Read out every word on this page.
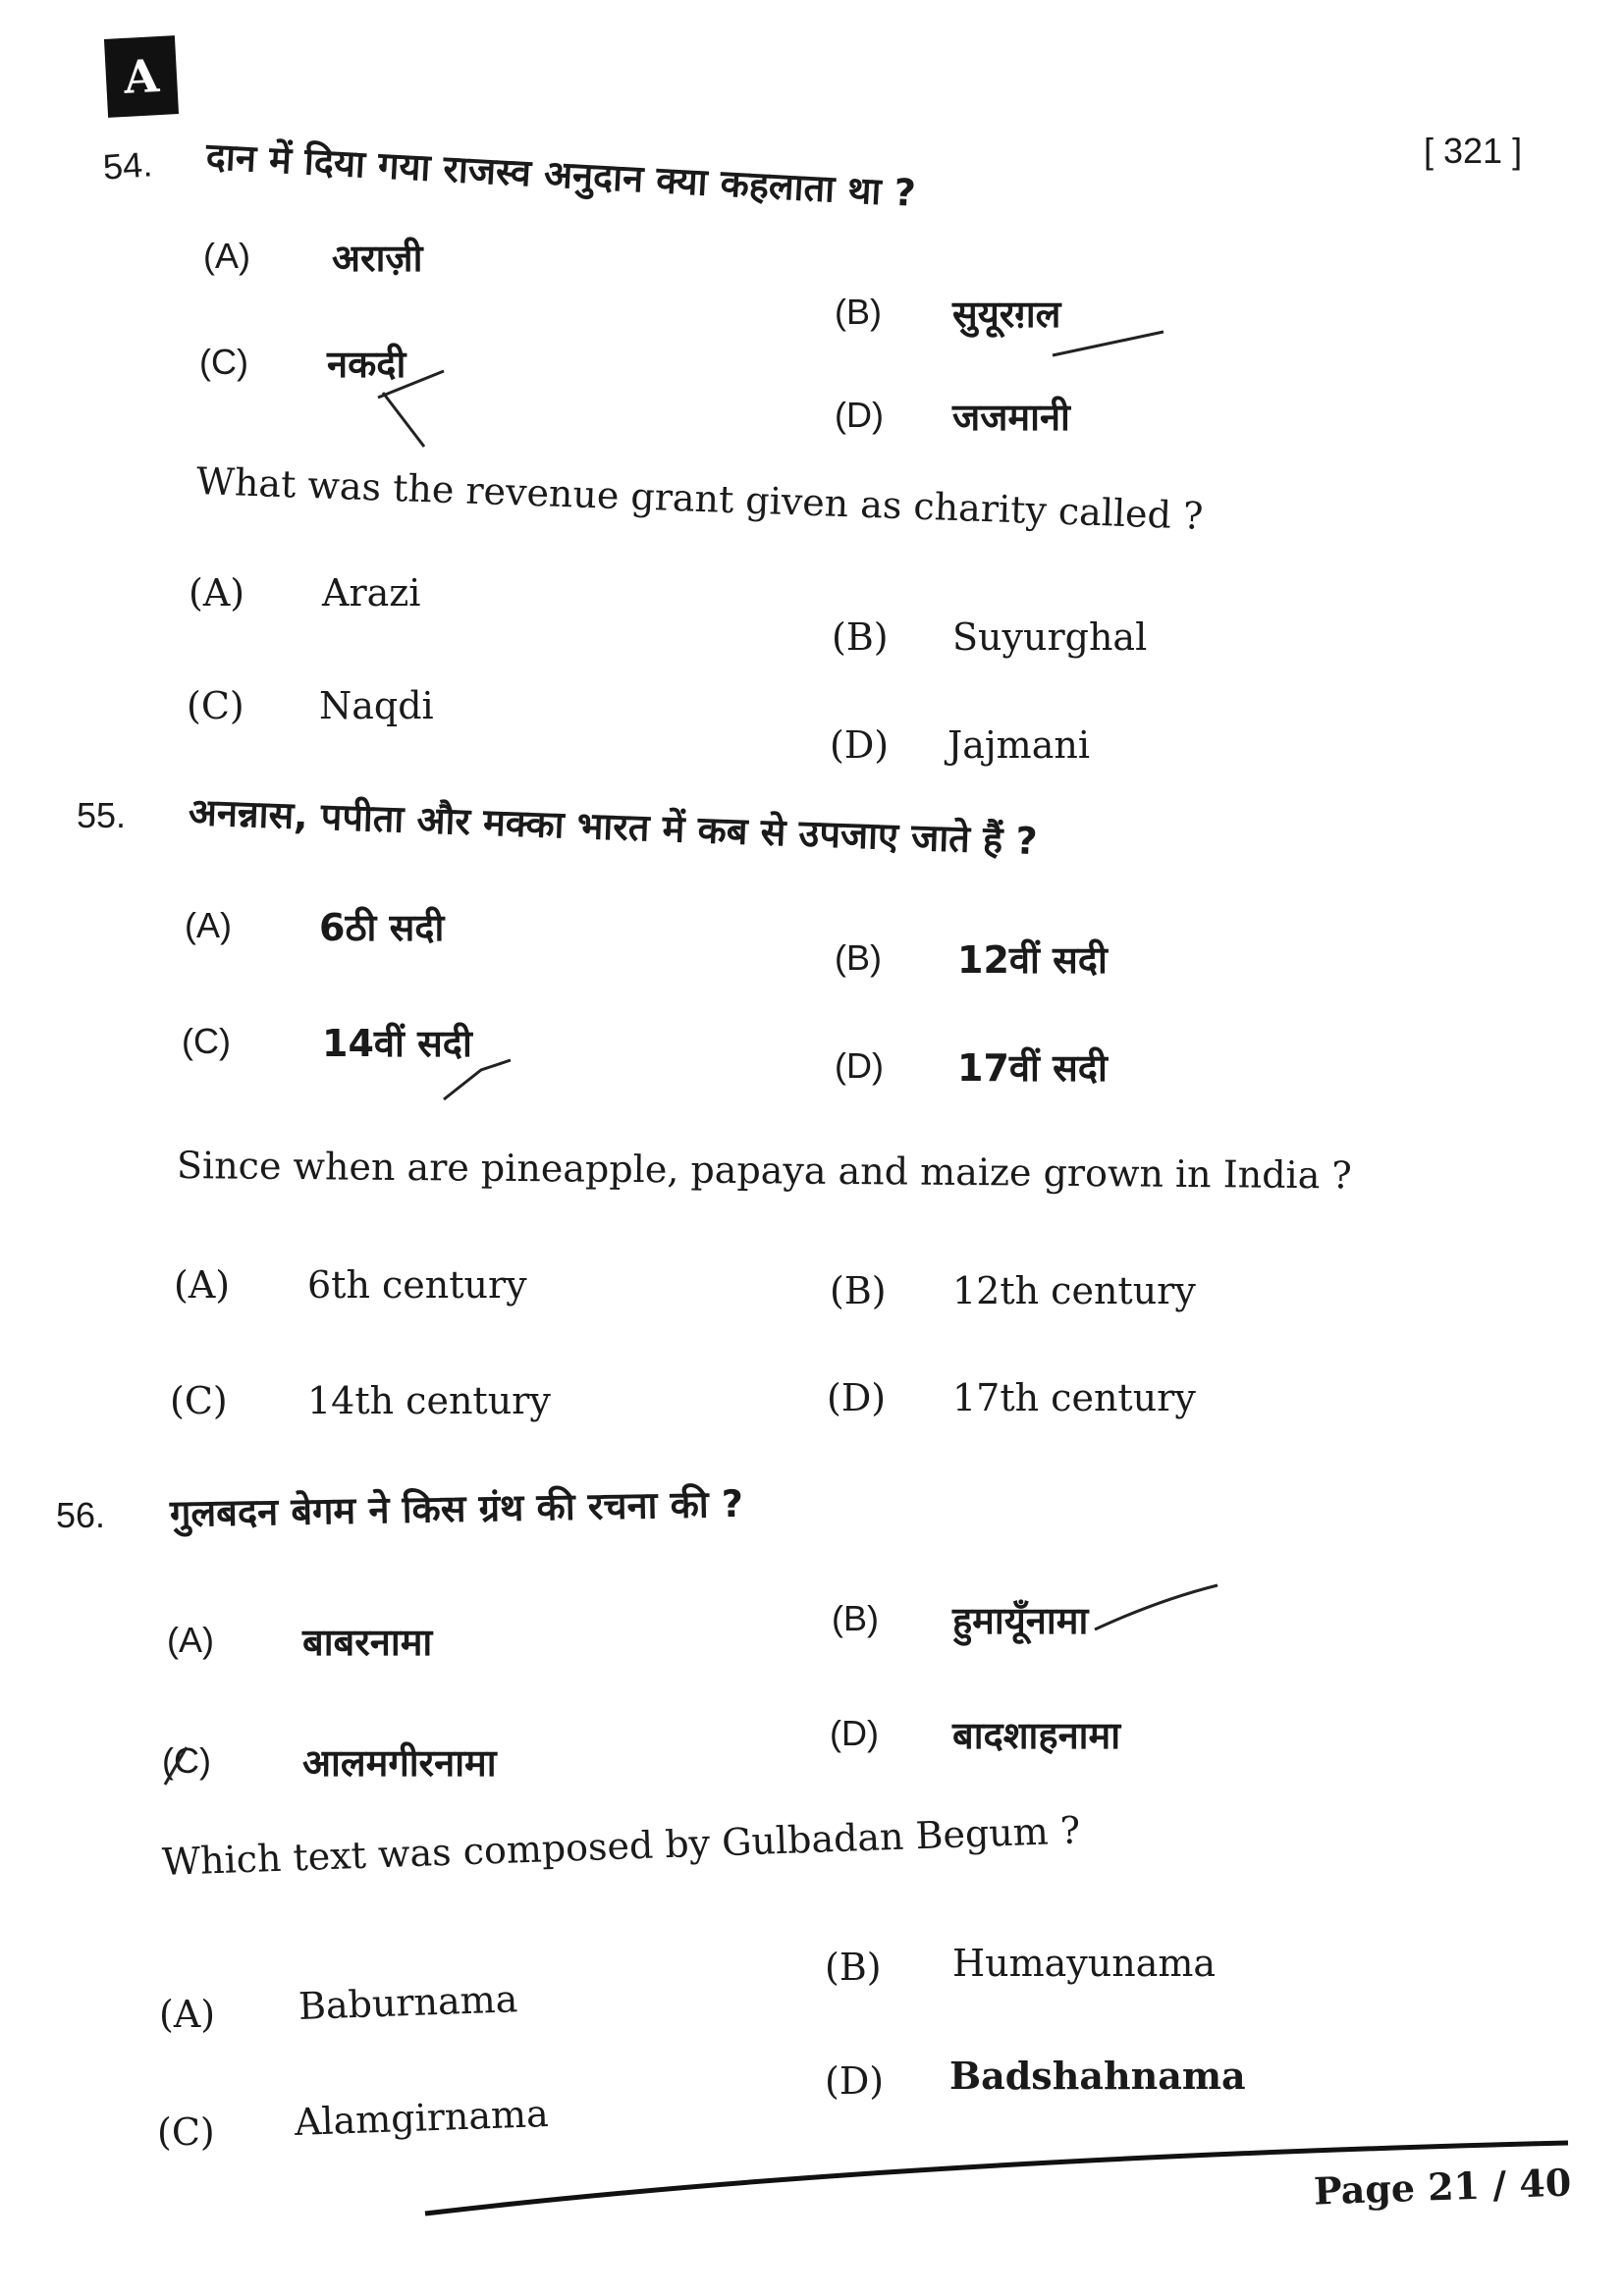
A
[ 321 ]
54. दान में दिया गया राजस्व अनुदान क्या कहलाता था ?
(A) अराज़ी
(B) सुयूरग़ल
(C) नकदी
(D) जजमानी
What was the revenue grant given as charity called ?
(A) Arazi
(B) Suyurghal
(C) Naqdi
(D) Jajmani
55. अनन्नास, पपीता और मक्का भारत में कब से उपजाए जाते हैं ?
(A) 6ठी सदी
(B) 12वीं सदी
(C) 14वीं सदी
(D) 17वीं सदी
Since when are pineapple, papaya and maize grown in India ?
(A) 6th century	(B) 12th century
(C) 14th century	(D) 17th century
56. गुलबदन बेगम ने किस ग्रंथ की रचना की ?
(A) बाबरनामा
(B) हुमायूँनामा
(C) आलमगीरनामा
(D) बादशाहनामा
Which text was composed by Gulbadan Begum ?
(A) Baburnama
(B) Humayunama
(C) Alamgirnama
(D) Badshahnama
Page 21 / 40
